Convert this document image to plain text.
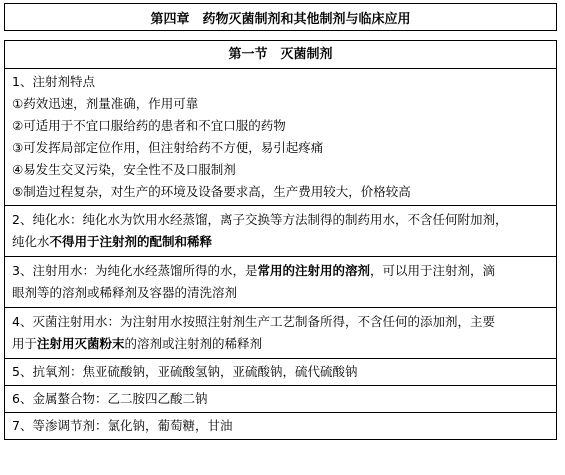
第四章　药物灭菌制剂和其他制剂与临床应用
第一节　灭菌制剂

1、注射剂特点
①药效迅速，剂量准确，作用可靠
②可适用于不宜口服给药的患者和不宜口服的药物
③可发挥局部定位作用，但注射给药不方便，易引起疼痛
④易发生交叉污染，安全性不及口服制剂
⑤制造过程复杂，对生产的环境及设备要求高，生产费用较大，价格较高

2、纯化水：纯化水为饮用水经蒸馏，离子交换等方法制得的制药用水，不含任何附加剂，
纯化水不得用于注射剂的配制和稀释

3、注射用水：为纯化水经蒸馏所得的水，是常用的注射用的溶剂，可以用于注射剂，滴
眼剂等的溶剂或稀释剂及容器的清洗溶剂

4、灭菌注射用水：为注射用水按照注射剂生产工艺制备所得，不含任何的添加剂，主要
用于注射用灭菌粉末的溶剂或注射剂的稀释剂

5、抗氧剂：焦亚硫酸钠，亚硫酸氢钠，亚硫酸钠，硫代硫酸钠

6、金属螯合物：乙二胺四乙酸二钠

7、等渗调节剂：氯化钠，葡萄糖，甘油
